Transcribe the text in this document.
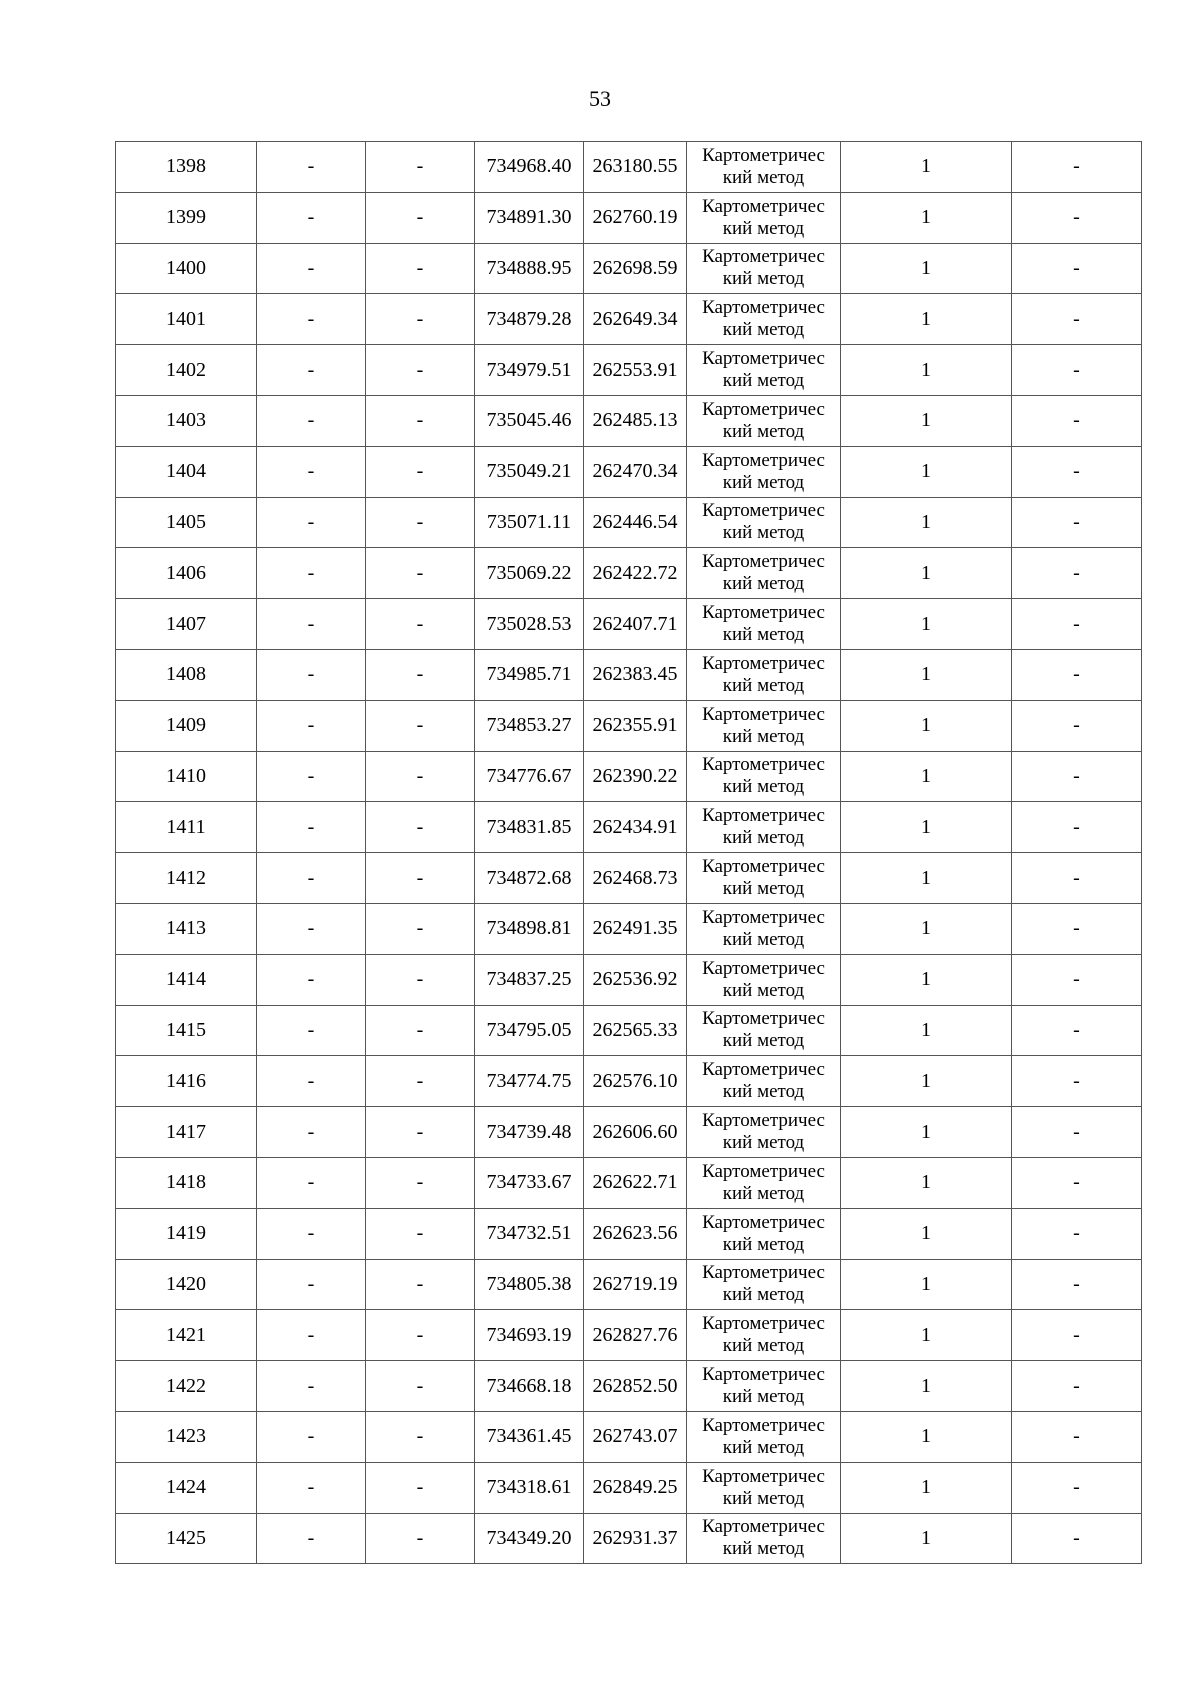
53
1398	-	-	734968.40	263180.55	Картометричес
кий метод	1	-
1399	-	-	734891.30	262760.19	Картометричес
кий метод	1	-
1400	-	-	734888.95	262698.59	Картометричес
кий метод	1	-
1401	-	-	734879.28	262649.34	Картометричес
кий метод	1	-
1402	-	-	734979.51	262553.91	Картометричес
кий метод	1	-
1403	-	-	735045.46	262485.13	Картометричес
кий метод	1	-
1404	-	-	735049.21	262470.34	Картометричес
кий метод	1	-
1405	-	-	735071.11	262446.54	Картометричес
кий метод	1	-
1406	-	-	735069.22	262422.72	Картометричес
кий метод	1	-
1407	-	-	735028.53	262407.71	Картометричес
кий метод	1	-
1408	-	-	734985.71	262383.45	Картометричес
кий метод	1	-
1409	-	-	734853.27	262355.91	Картометричес
кий метод	1	-
1410	-	-	734776.67	262390.22	Картометричес
кий метод	1	-
1411	-	-	734831.85	262434.91	Картометричес
кий метод	1	-
1412	-	-	734872.68	262468.73	Картометричес
кий метод	1	-
1413	-	-	734898.81	262491.35	Картометричес
кий метод	1	-
1414	-	-	734837.25	262536.92	Картометричес
кий метод	1	-
1415	-	-	734795.05	262565.33	Картометричес
кий метод	1	-
1416	-	-	734774.75	262576.10	Картометричес
кий метод	1	-
1417	-	-	734739.48	262606.60	Картометричес
кий метод	1	-
1418	-	-	734733.67	262622.71	Картометричес
кий метод	1	-
1419	-	-	734732.51	262623.56	Картометричес
кий метод	1	-
1420	-	-	734805.38	262719.19	Картометричес
кий метод	1	-
1421	-	-	734693.19	262827.76	Картометричес
кий метод	1	-
1422	-	-	734668.18	262852.50	Картометричес
кий метод	1	-
1423	-	-	734361.45	262743.07	Картометричес
кий метод	1	-
1424	-	-	734318.61	262849.25	Картометричес
кий метод	1	-
1425	-	-	734349.20	262931.37	Картометричес
кий метод	1	-
